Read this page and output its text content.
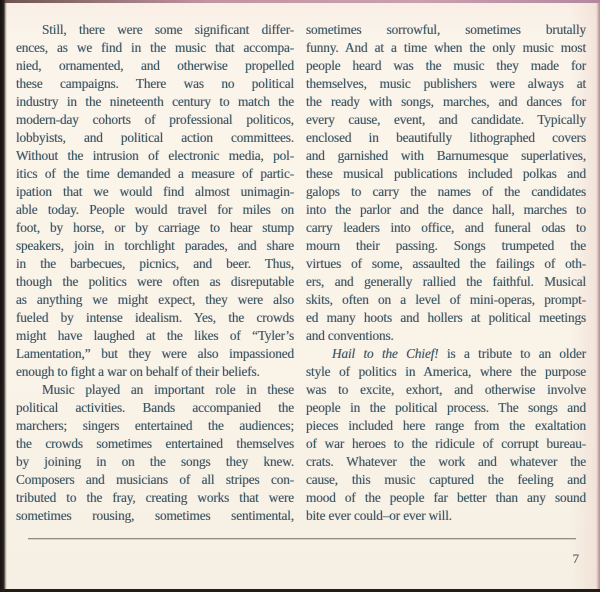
Still, there were some significant differ-
ences, as we find in the music that accompa-
nied, ornamented, and otherwise propelled
these campaigns. There was no political
industry in the nineteenth century to match the
modern-day cohorts of professional politicos,
lobbyists, and political action committees.
Without the intrusion of electronic media, pol-
itics of the time demanded a measure of partic-
ipation that we would find almost unimagin-
able today. People would travel for miles on
foot, by horse, or by carriage to hear stump
speakers, join in torchlight parades, and share
in the barbecues, picnics, and beer. Thus,
though the politics were often as disreputable
as anything we might expect, they were also
fueled by intense idealism. Yes, the crowds
might have laughed at the likes of “Tyler’s
Lamentation,” but they were also impassioned
enough to fight a war on behalf of their beliefs.
Music played an important role in these
political activities. Bands accompanied the
marchers; singers entertained the audiences;
the crowds sometimes entertained themselves
by joining in on the songs they knew.
Composers and musicians of all stripes con-
tributed to the fray, creating works that were
sometimes rousing, sometimes sentimental,
sometimes sorrowful, sometimes brutally
funny. And at a time when the only music most
people heard was the music they made for
themselves, music publishers were always at
the ready with songs, marches, and dances for
every cause, event, and candidate. Typically
enclosed in beautifully lithographed covers
and garnished with Barnumesque superlatives,
these musical publications included polkas and
galops to carry the names of the candidates
into the parlor and the dance hall, marches to
carry leaders into office, and funeral odas to
mourn their passing. Songs trumpeted the
virtues of some, assaulted the failings of oth-
ers, and generally rallied the faithful. Musical
skits, often on a level of mini-operas, prompt-
ed many hoots and hollers at political meetings
and conventions.
Hail to the Chief! is a tribute to an older
style of politics in America, where the purpose
was to excite, exhort, and otherwise involve
people in the political process. The songs and
pieces included here range from the exaltation
of war heroes to the ridicule of corrupt bureau-
crats. Whatever the work and whatever the
cause, this music captured the feeling and
mood of the people far better than any sound
bite ever could–or ever will.
7
